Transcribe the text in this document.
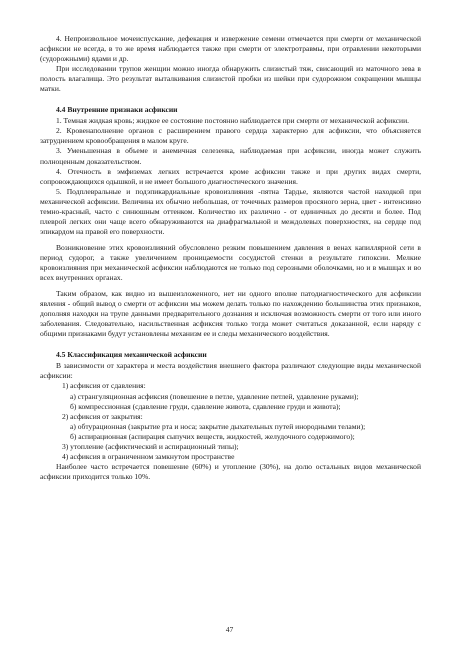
4. Непроизвольное мочеиспускание, дефекация и извержение семени отмечается при смерти от механической асфиксии не всегда, в то же время наблюдается также при смерти от электротравмы, при отравлении некоторыми (судорожными) ядами и др.

При исследовании трупов женщин можно иногда обнаружить слизистый тяж, свисающий из маточного зева в полость влагалища. Это результат выталкивания слизистой пробки из шейки при судорожном сокращении мышцы матки.

4.4 Внутренние признаки асфиксии

1. Темная жидкая кровь; жидкое ее состояние постоянно наблюдается при смерти от механической асфиксии.

2. Кровенаполнение органов с расширением правого сердца характерно для асфиксии, что объясняется затруднением кровообращения в малом круге.

3. Уменьшенная в объеме и анемичная селезенка, наблюдаемая при асфиксии, иногда может служить полноценным доказательством.

4. Отечность в эмфиземах легких встречается кроме асфиксии также и при других видах смерти, сопровождающихся одышкой, и не имеет большого диагностического значения.

5. Подплевральные и подэпикардиальные кровоизлияния -пятна Тардье, являются частой находкой при механической асфиксии. Величина их обычно небольшая, от точечных размеров просяного зерна, цвет - интенсивно темно-красный, часто с синюшным оттенком. Количество их различно - от единичных до десяти и более. Под плеврой легких они чаще всего обнаруживаются на диафрагмальной и междолевых поверхностях, на сердце под эпикардом на правой его поверхности.

Возникновение этих кровоизлияний обусловлено резким повышением давления в венах капиллярной сети в период судорог, а также увеличением проницаемости сосудистой стенки в результате гипоксии. Мелкие кровоизлияния при механической асфиксии наблюдаются не только под серозными оболочками, но и в мышцах и во всех внутренних органах.

Таким образом, как видно из вышеизложенного, нет ни одного вполне патодиагностического для асфиксии явления - общий вывод о смерти от асфиксии мы можем делать только по нахождению большинства этих признаков, дополняя находки на трупе данными предварительного дознания и исключая возможность смерти от того или иного заболевания. Следовательно, насильственная асфиксия только тогда может считаться доказанной, если наряду с общими признаками будут установлены механизм ее и следы механического воздействия.

4.5 Классификация механической асфиксии

В зависимости от характера и места воздействия внешнего фактора различают следующие виды механической асфиксии:

1) асфиксия от сдавления:

а) странгуляционная асфиксия (повешение в петле, удавление петлей, удавление руками);

б) компрессионная (сдавление груди, сдавление живота, сдавление груди и живота);

2) асфиксия от закрытия:

а) обтурационная (закрытие рта и носа; закрытие дыхательных путей инородными телами);

б) аспирационная (аспирация сыпучих веществ, жидкостей, желудочного содержимого);

3) утопление (асфиктический и аспирационный типы);

4) асфиксия в ограниченном замкнутом пространстве

Наиболее часто встречается повешение (60%) и утопление (30%), на долю остальных видов механической асфиксии приходится только 10%.

47
